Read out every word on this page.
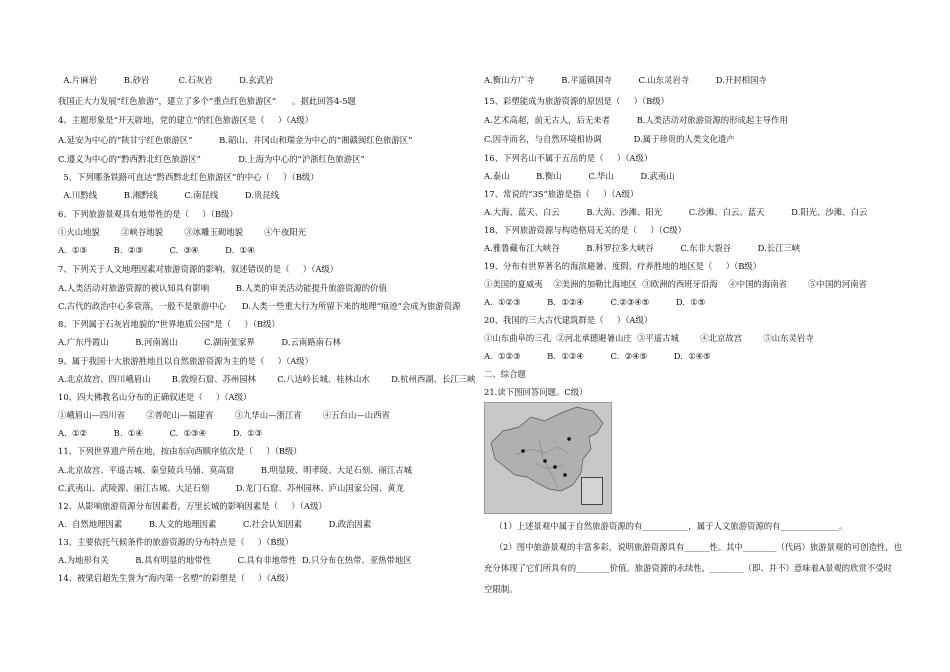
A.片麻岩          B.砂岩           C.石灰岩          D.玄武岩
我国正大力发展“红色旅游”，建立了多个“重点红色旅游区”      。据此回答4-5题
4、主题形象是“开天辟地，党的建立”的红色旅游区是（     ）（A级）
A.延安为中心的“陕甘宁红色旅游区”          B.韶山、井冈山和瑞金为中心的“湘赣闽红色旅游区”
C.遵义为中心的“黔西黔北红色旅游区”              D.上海为中心的“沪浙红色旅游区”
5、下列哪条铁路可直达“黔西黔北红色旅游区”的中心（     ）（B级）
A.川黔线          B.湘黔线          C.南昆线          D.贵昆线
6、下列旅游景观具有地带性的是（     ）（B级）
①火山地貌        ②峡谷地貌        ③冰雕玉砌地貌        ④午夜阳光
A.  ①③          B.  ②③          C.  ③④          D.  ①④
7、下列关于人文地理因素对旅游资源的影响，叙述错误的是（     ）（A级）
A.人类活动对旅游资源的被认知具有影响          B.人类的审美活动能提升旅游资源的价值
C.古代的政治中心多衰落，一般不是旅游中心      D.人类一些重大行为所留下来的地理“痕迹”会成为旅游资源
8、下列属于石灰岩地貌的“世界地质公园”是（     ）（B级）
A.广东丹霞山          B.河南嵩山          C.湖南张家界          D.云南路南石林
9、属于我国十大旅游胜地且以自然旅游资源为主的是（     ）（A级）
A.北京故宫、四川峨眉山        B.敦煌石窟、苏州园林        C.八达岭长城、桂林山水        D.杭州西湖、长江三峡
10、四大佛教名山分布的正确叙述是（     ）（A级）
①峨眉山—四川省        ②普陀山—福建省        ③九华山—浙江省        ④五台山—山西省
A.  ①②          B.  ①④          C.  ①③④          D.  ①③
11、下列世界遗产所在地，按由东向西顺序依次是（     ）（B级）
A.北京故宫、平遥古城、秦皇陵兵马俑、莫高窟          B.明显陵、明孝陵、大足石刻、丽江古城
C.武夷山、武陵源、丽江古城、大足石刻          D.龙门石窟、苏州园林、庐山国家公园、黄龙
12、从影响旅游资源分布因素看，万里长城的影响因素是（     ）（A级）
A.  自然地理因素          B.人文的地理因素          C.社会认知因素          D.政治因素
13、主要依托气候条件的旅游资源的分布特点是（     ）（B级）
A.为地形有关          B.具有明显的地带性          C.具有非地带性  D.只分布在热带、亚热带地区
14、被梁启超先生誉为“海内第一名塑”的彩塑是（     ）（A级）
A.衡山方广寺          B.平遥镇国寺          C.山东灵岩寺          D.开封相国寺
15、彩塑能成为旅游资源的原因是（     ）（B级）
A.艺术高超，前无古人，后无来者          B.人类活动对旅游资源的形成起主导作用
C.因寺而名，与自然环境相协调            D.属于珍贵的人类文化遗产
16、下列名山不属于五岳的是（     ）（A级）
A.泰山          B.衡山          C.华山          D.武夷山
17、常说的“3S”旅游是指（     ）（A级）
A.大海、蓝天、白云          B.大海、沙滩、阳光          C.沙滩、白云、蓝天          D.阳光、沙滩、白云
18、下列旅游资源与构造格局无关的是（     ）（C级）
A.雅鲁藏布江大峡谷          B.科罗拉多大峡谷          C.东非大裂谷          D.长江三峡
19、分布有世界著名的海滨避暑、度假、疗养胜地的地区是（     ）（B级）
①美国的夏威夷    ②美洲的加勒比海地区  ③欧洲的西班牙沿海    ④中国的海南省        ⑤中国的河南省
A.  ①②③          B.  ①②④          C.②③④⑤          D.  ①⑤
20、我国的三大古代建筑群是（     ）（A级）
①山东曲阜的三孔  ②河北承德避暑山庄  ③平遥古城        ④北京故宫        ⑤山东灵岩寺
A.  ①②③          B.  ①②④          C.  ②④⑤          D.  ①④⑤
二、综合题
21.读下图回答问题。C级）
（1）上述景观中属于自然旅游资源的有___________，属于人文旅游资源的有______________。
（2）图中旅游景观的丰富多彩，说明旅游资源具有______性。其中________（代码）旅游景观的可创造性，也
充分体现了它们所具有的________价值。旅游资源的永续性，________（即、并不）意味着A景观的欣赏不受时
空限制。
